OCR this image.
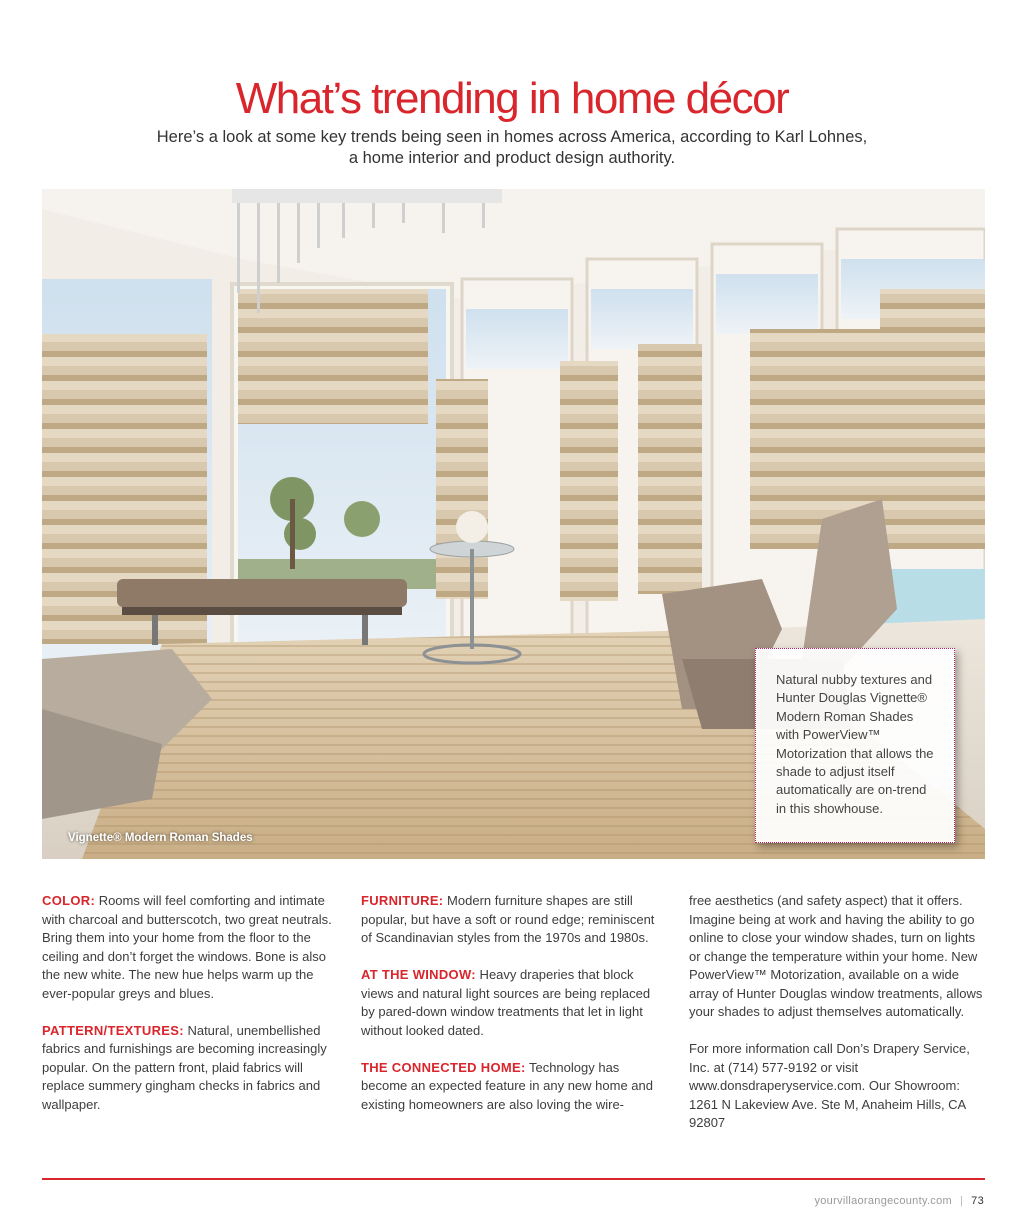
What’s trending in home décor
Here’s a look at some key trends being seen in homes across America, according to Karl Lohnes,
a home interior and product design authority.
Vignette® Modern Roman Shades
Natural nubby textures and Hunter Douglas Vignette® Modern Roman Shades with PowerView™ Motorization that allows the shade to adjust itself automatically are on-trend in this showhouse.

COLOR: Rooms will feel comforting and intimate with charcoal and butterscotch, two great neutrals. Bring them into your home from the floor to the ceiling and don’t forget the windows. Bone is also the new white. The new hue helps warm up the ever-popular greys and blues.

PATTERN/TEXTURES: Natural, unembellished fabrics and furnishings are becoming increasingly popular. On the pattern front, plaid fabrics will replace summery gingham checks in fabrics and wallpaper.

FURNITURE: Modern furniture shapes are still popular, but have a soft or round edge; reminiscent of Scandinavian styles from the 1970s and 1980s.

AT THE WINDOW: Heavy draperies that block views and natural light sources are being replaced by pared-down window treatments that let in light without looked dated.

THE CONNECTED HOME: Technology has become an expected feature in any new home and existing homeowners are also loving the wire-

free aesthetics (and safety aspect) that it offers. Imagine being at work and having the ability to go online to close your window shades, turn on lights or change the temperature within your home. New PowerView™ Motorization, available on a wide array of Hunter Douglas window treatments, allows your shades to adjust themselves automatically.

For more information call Don’s Drapery Service, Inc. at (714) 577-9192 or visit www.donsdraperyservice.com. Our Showroom: 1261 N Lakeview Ave. Ste M, Anaheim Hills, CA 92807

yourvillaorangecounty.com | 73
